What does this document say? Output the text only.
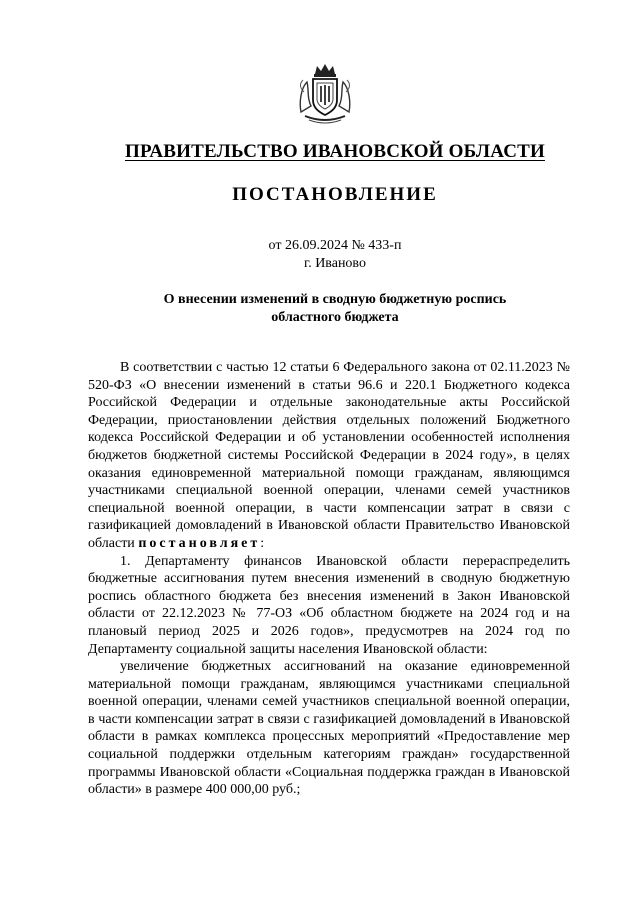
ПРАВИТЕЛЬСТВО ИВАНОВСКОЙ ОБЛАСТИ
ПОСТАНОВЛЕНИЕ
от 26.09.2024 № 433-п
г. Иваново
О внесении изменений в сводную бюджетную роспись
областного бюджета

В соответствии с частью 12 статьи 6 Федерального закона от 02.11.2023 № 520-ФЗ «О внесении изменений в статьи 96.6 и 220.1 Бюджетного кодекса Российской Федерации и отдельные законодательные акты Российской Федерации, приостановлении действия отдельных положений Бюджетного кодекса Российской Федерации и об установлении особенностей исполнения бюджетов бюджетной системы Российской Федерации в 2024 году», в целях оказания единовременной материальной помощи гражданам, являющимся участниками специальной военной операции, членами семей участников специальной военной операции, в части компенсации затрат в связи с газификацией домовладений в Ивановской области Правительство Ивановской области постановляет:

1. Департаменту финансов Ивановской области перераспределить бюджетные ассигнования путем внесения изменений в сводную бюджетную роспись областного бюджета без внесения изменений в Закон Ивановской области от 22.12.2023 № 77-ОЗ «Об областном бюджете на 2024 год и на плановый период 2025 и 2026 годов», предусмотрев на 2024 год по Департаменту социальной защиты населения Ивановской области:

увеличение бюджетных ассигнований на оказание единовременной материальной помощи гражданам, являющимся участниками специальной военной операции, членами семей участников специальной военной операции, в части компенсации затрат в связи с газификацией домовладений в Ивановской области в рамках комплекса процессных мероприятий «Предоставление мер социальной поддержки отдельным категориям граждан» государственной программы Ивановской области «Социальная поддержка граждан в Ивановской области» в размере 400 000,00 руб.;
